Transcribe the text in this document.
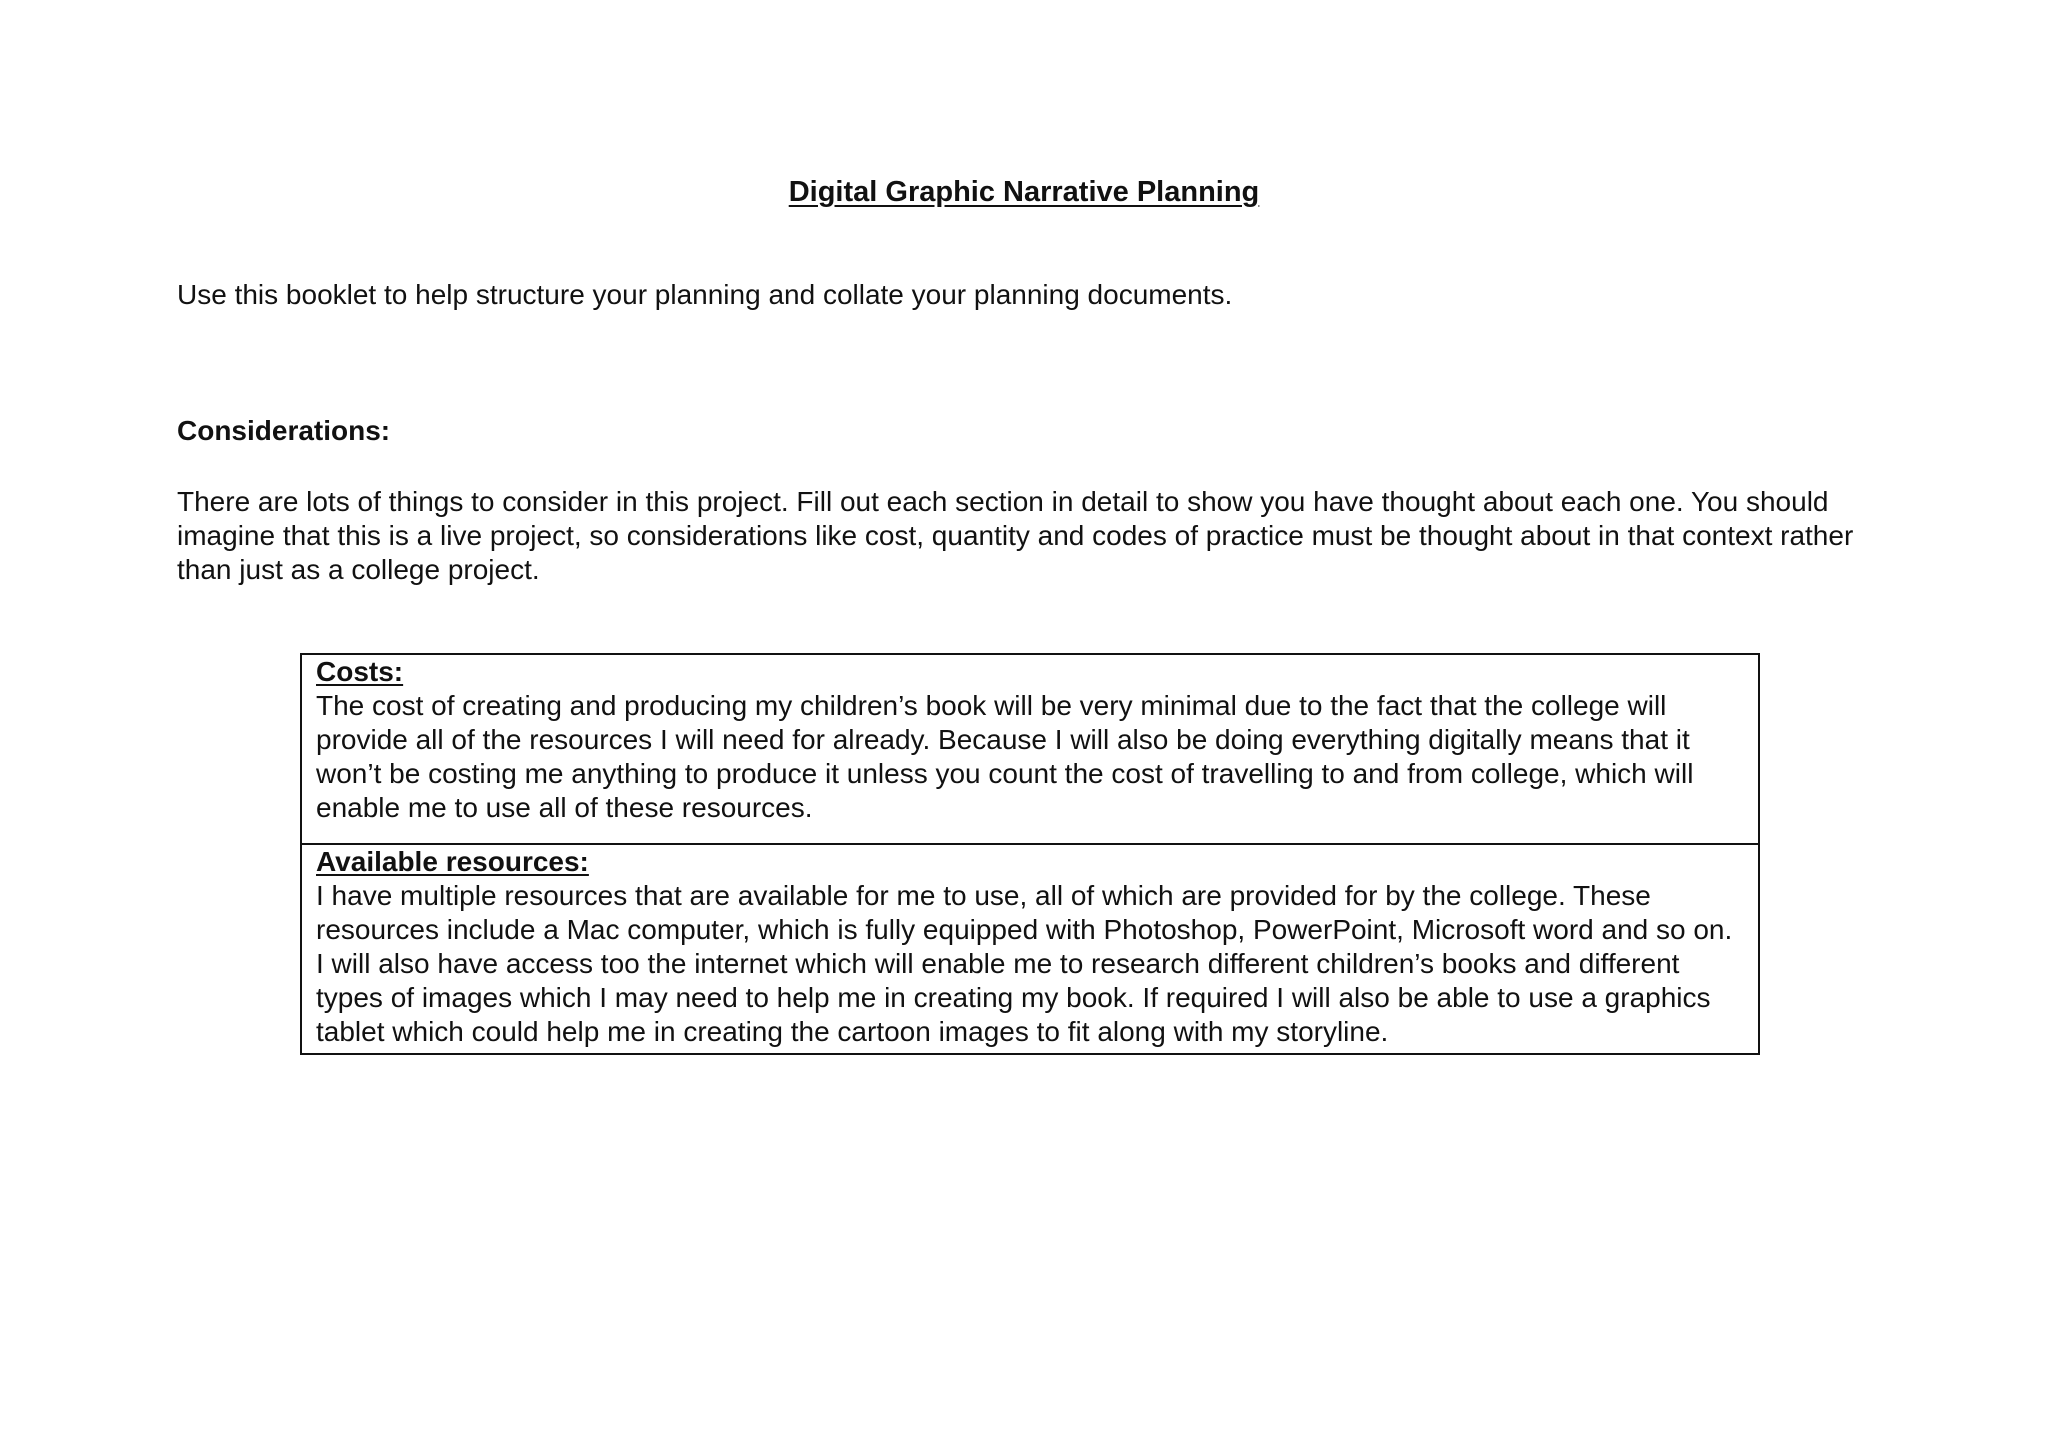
Digital Graphic Narrative Planning

Use this booklet to help structure your planning and collate your planning documents.

Considerations:

There are lots of things to consider in this project. Fill out each section in detail to show you have thought about each one. You should imagine that this is a live project, so considerations like cost, quantity and codes of practice must be thought about in that context rather than just as a college project.

Costs:
The cost of creating and producing my children’s book will be very minimal due to the fact that the college will provide all of the resources I will need for already. Because I will also be doing everything digitally means that it won’t be costing me anything to produce it unless you count the cost of travelling to and from college, which will enable me to use all of these resources.

Available resources:
I have multiple resources that are available for me to use, all of which are provided for by the college. These resources include a Mac computer, which is fully equipped with Photoshop, PowerPoint, Microsoft word and so on. I will also have access too the internet which will enable me to research different children’s books and different types of images which I may need to help me in creating my book. If required I will also be able to use a graphics tablet which could help me in creating the cartoon images to fit along with my storyline.
